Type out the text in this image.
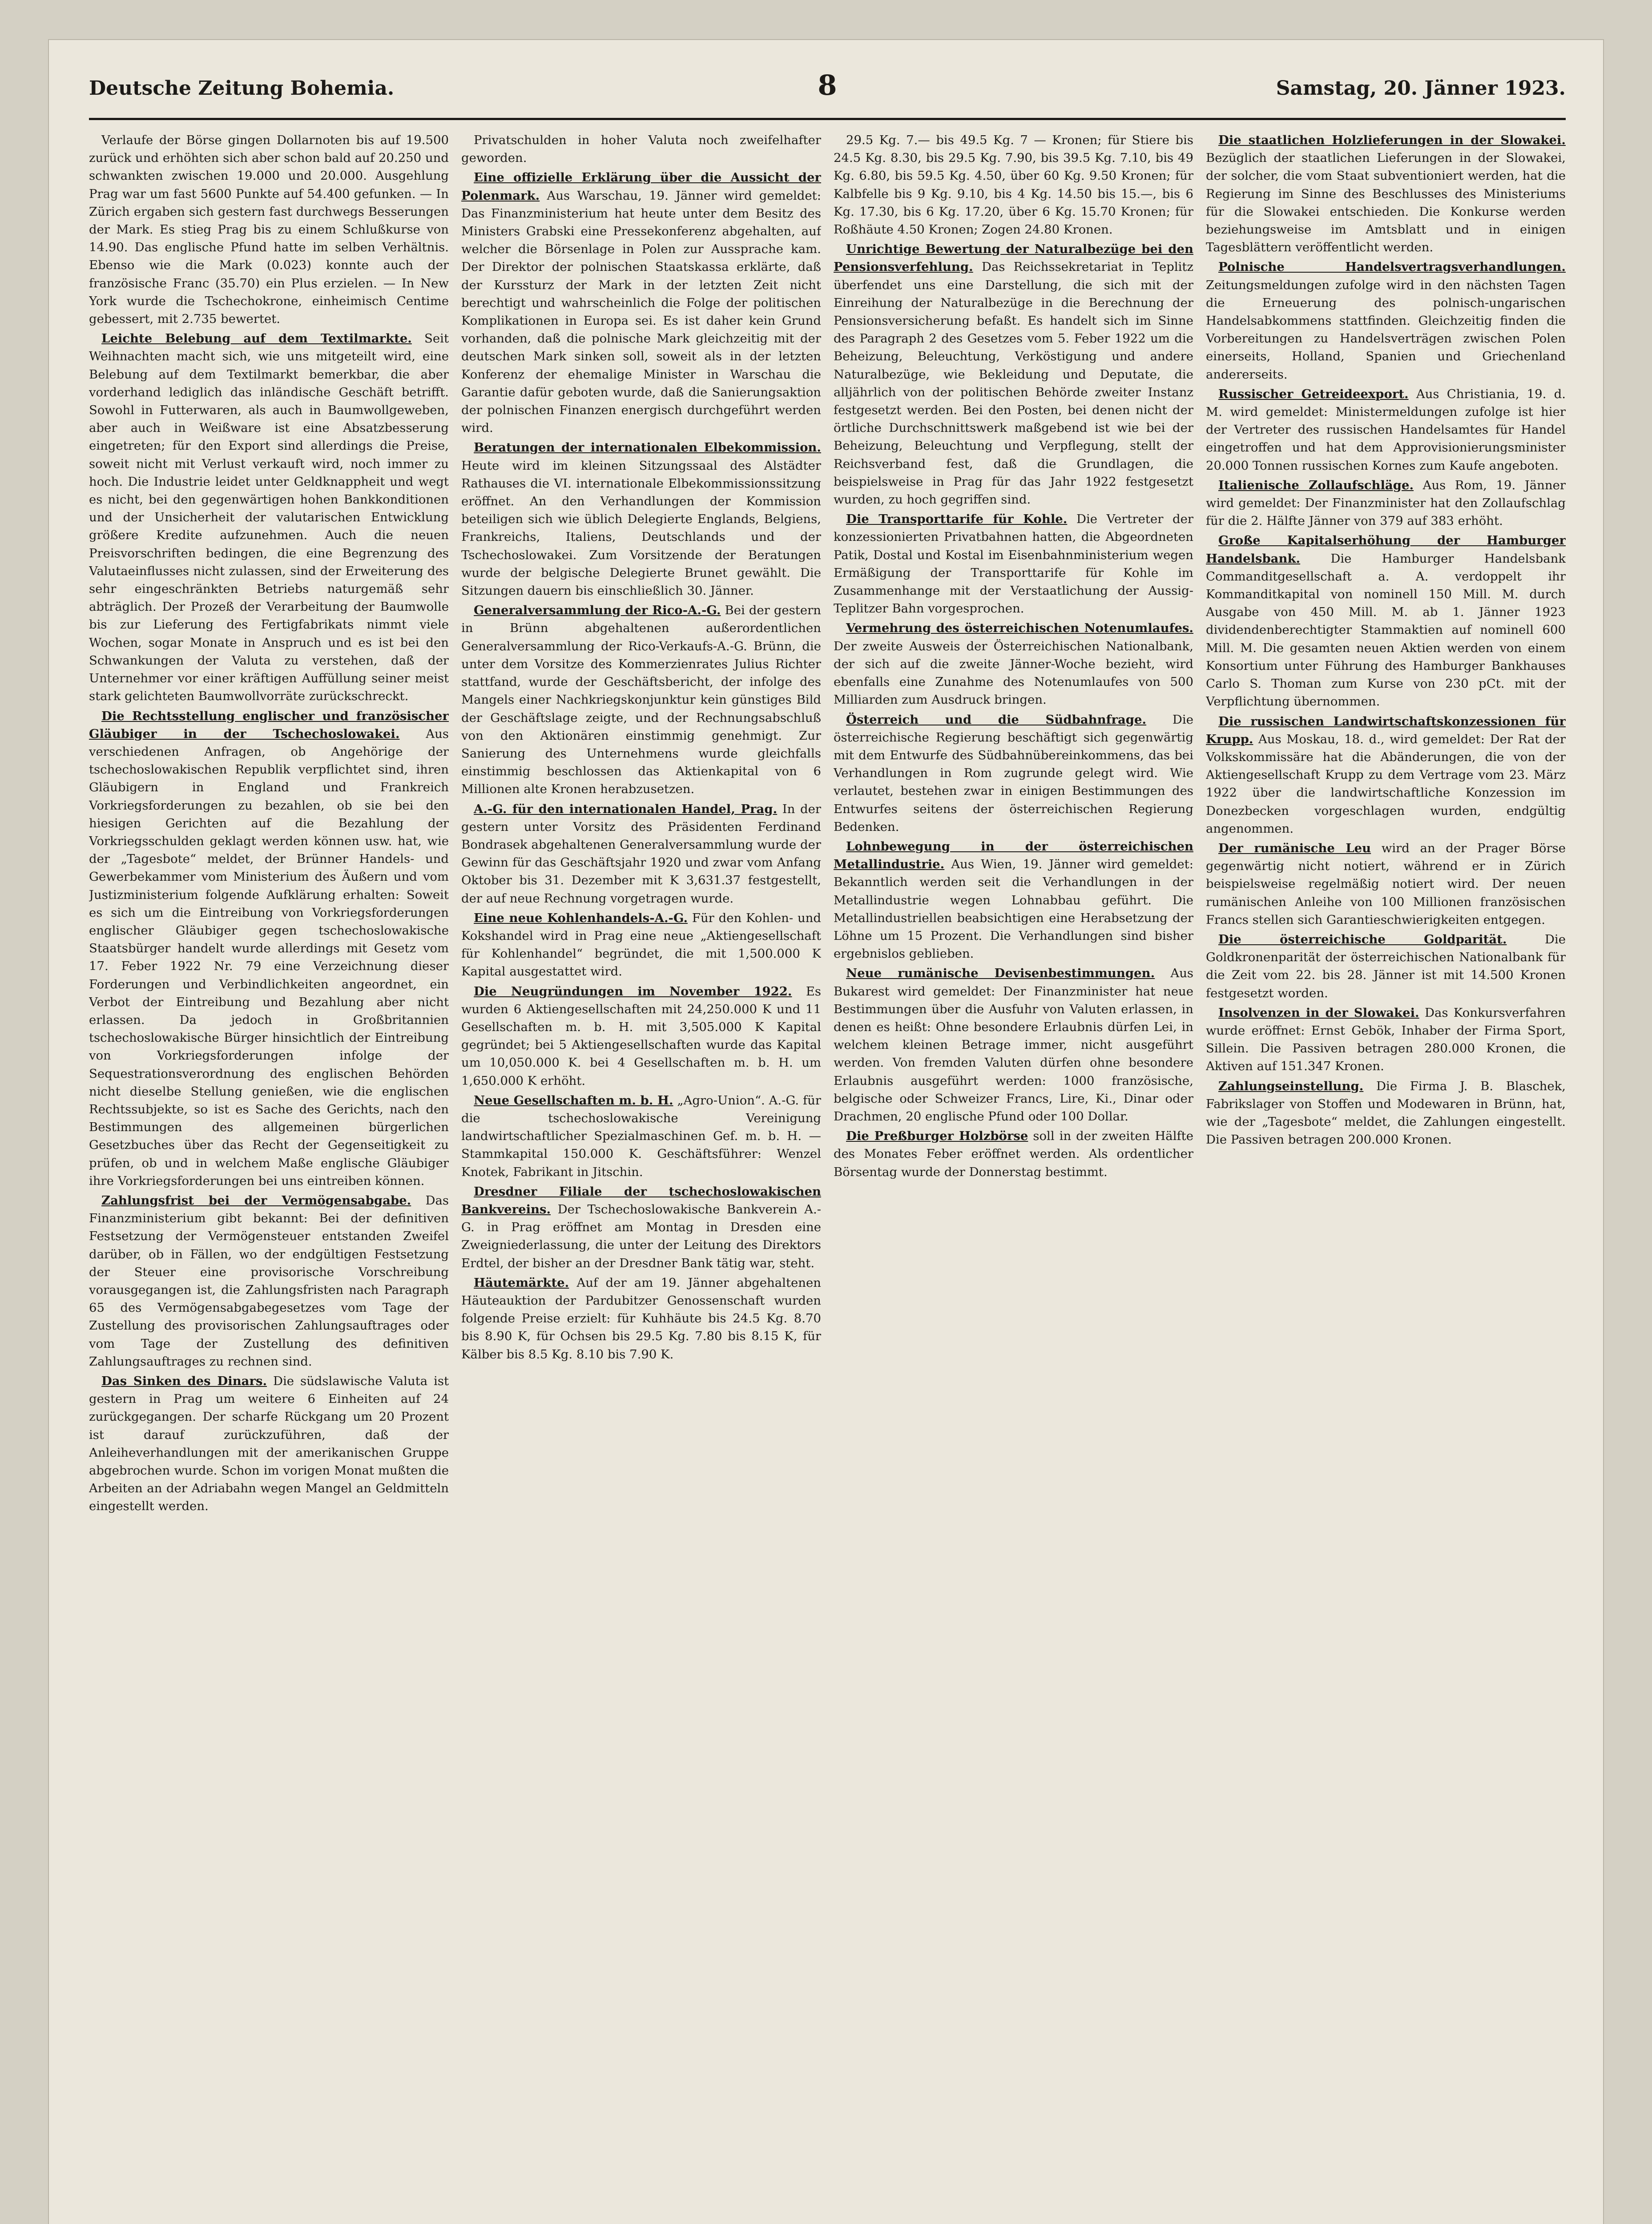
Deutsche Zeitung Bohemia.	8	Samstag, 20. Jänner 1923.

Verlaufe der Börse gingen Dollarnoten bis auf 19.500 zurück und erhöhten sich aber schon bald auf 20.250 und schwankten zwischen 19.000 und 20.000. Ausgehlung Prag war um fast 5600 Punkte auf 54.400 gefunken. — In Zürich ergaben sich gestern fast durchwegs Besserungen der Mark. Es stieg Prag bis zu einem Schlußkurse von 14.90. Das englische Pfund hatte im selben Verhältnis. Ebenso wie die Mark (0.023) konnte auch der französische Franc (35.70) ein Plus erzielen. — In New York wurde die Tschechokrone, einheimisch Centime gebessert, mit 2.735 bewertet.

Leichte Belebung auf dem Textilmarkte. Seit Weihnachten macht sich, wie uns mitgeteilt wird, eine Belebung auf dem Textilmarkt bemerkbar, die aber vorderhand lediglich das inländische Geschäft betrifft. Sowohl in Futterwaren, als auch in Baumwollgeweben, aber auch in Weißware ist eine Absatzbesserung eingetreten; für den Export sind allerdings die Preise, soweit nicht mit Verlust verkauft wird, noch immer zu hoch. Die Industrie leidet unter Geldknappheit und wegt es nicht, bei den gegenwärtigen hohen Bankkonditionen und der Unsicherheit der valutarischen Entwicklung größere Kredite aufzunehmen. Auch die neuen Preisvorschriften bedingen, die eine Begrenzung des Valutaeinflusses nicht zulassen, sind der Erweiterung des sehr eingeschränkten Betriebs naturgemäß sehr abträglich. Der Prozeß der Verarbeitung der Baumwolle bis zur Lieferung des Fertigfabrikats nimmt viele Wochen, sogar Monate in Anspruch und es ist bei den Schwankungen der Valuta zu verstehen, daß der Unternehmer vor einer kräftigen Auffüllung seiner meist stark gelichteten Baumwollvorräte zurückschreckt.

Die Rechtsstellung englischer und französischer Gläubiger in der Tschechoslowakei. Aus verschiedenen Anfragen, ob Angehörige der tschechoslowakischen Republik verpflichtet sind, ihren Gläubigern in England und Frankreich Vorkriegsforderungen zu bezahlen, ob sie bei den hiesigen Gerichten auf die Bezahlung der Vorkriegsschulden geklagt werden können usw. hat, wie der „Tagesbote“ meldet, der Brünner Handels- und Gewerbekammer vom Ministerium des Äußern und vom Justizministerium folgende Aufklärung erhalten: Soweit es sich um die Eintreibung von Vorkriegsforderungen englischer Gläubiger gegen tschechoslowakische Staatsbürger handelt wurde allerdings mit Gesetz vom 17. Feber 1922 Nr. 79 eine Verzeichnung dieser Forderungen und Verbindlichkeiten angeordnet, ein Verbot der Eintreibung und Bezahlung aber nicht erlassen. Da jedoch in Großbritannien tschechoslowakische Bürger hinsichtlich der Eintreibung von Vorkriegsforderungen infolge der Sequestrationsverordnung des englischen Behörden nicht dieselbe Stellung genießen, wie die englischen Rechtssubjekte, so ist es Sache des Gerichts, nach den Bestimmungen des allgemeinen bürgerlichen Gesetzbuches über das Recht der Gegenseitigkeit zu prüfen, ob und in welchem Maße englische Gläubiger ihre Vorkriegsforderungen bei uns eintreiben können.

Zahlungsfrist bei der Vermögensabgabe. Das Finanzministerium gibt bekannt: Bei der definitiven Festsetzung der Vermögensteuer entstanden Zweifel darüber, ob in Fällen, wo der endgültigen Festsetzung der Steuer eine provisorische Vorschreibung vorausgegangen ist, die Zahlungsfristen nach Paragraph 65 des Vermögensabgabegesetzes vom Tage der Zustellung des provisorischen Zahlungsauftrages oder vom Tage der Zustellung des definitiven Zahlungsauftrages zu rechnen sind.

Das Sinken des Dinars. Die südslawische Valuta ist gestern in Prag um weitere 6 Einheiten auf 24 zurückgegangen. Der scharfe Rückgang um 20 Prozent ist darauf zurückzuführen, daß der Anleiheverhandlungen mit der amerikanischen Gruppe abgebrochen wurde. Schon im vorigen Monat mußten die Arbeiten an der Adriabahn wegen Mangel an Geldmitteln eingestellt werden.

Privatschulden in hoher Valuta noch zweifelhafter geworden.

Eine offizielle Erklärung über die Aussicht der Polenmark. Aus Warschau, 19. Jänner wird gemeldet: Das Finanzministerium hat heute unter dem Besitz des Ministers Grabski eine Pressekonferenz abgehalten, auf welcher die Börsenlage in Polen zur Aussprache kam. Der Direktor der polnischen Staatskassa erklärte, daß der Kurssturz der Mark in der letzten Zeit nicht berechtigt und wahrscheinlich die Folge der politischen Komplikationen in Europa sei. Es ist daher kein Grund vorhanden, daß die polnische Mark gleichzeitig mit der deutschen Mark sinken soll, soweit als in der letzten Konferenz der ehemalige Minister in Warschau die Garantie dafür geboten wurde, daß die Sanierungsaktion der polnischen Finanzen energisch durchgeführt werden wird.

Beratungen der internationalen Elbekommission. Heute wird im kleinen Sitzungssaal des Alstädter Rathauses die VI. internationale Elbekommissionssitzung eröffnet. An den Verhandlungen der Kommission beteiligen sich wie üblich Delegierte Englands, Belgiens, Frankreichs, Italiens, Deutschlands und der Tschechoslowakei. Zum Vorsitzende der Beratungen wurde der belgische Delegierte Brunet gewählt. Die Sitzungen dauern bis einschließlich 30. Jänner.

Generalversammlung der Rico-A.-G. Bei der gestern in Brünn abgehaltenen außerordentlichen Generalversammlung der Rico-Verkaufs-A.-G. Brünn, die unter dem Vorsitze des Kommerzienrates Julius Richter stattfand, wurde der Geschäftsbericht, der infolge des Mangels einer Nachkriegskonjunktur kein günstiges Bild der Geschäftslage zeigte, und der Rechnungsabschluß von den Aktionären einstimmig genehmigt. Zur Sanierung des Unternehmens wurde gleichfalls einstimmig beschlossen das Aktienkapital von 6 Millionen alte Kronen herabzusetzen.

A.-G. für den internationalen Handel, Prag. In der gestern unter Vorsitz des Präsidenten Ferdinand Bondrasek abgehaltenen Generalversammlung wurde der Gewinn für das Geschäftsjahr 1920 und zwar vom Anfang Oktober bis 31. Dezember mit K 3,631.37 festgestellt, der auf neue Rechnung vorgetragen wurde.

Eine neue Kohlenhandels-A.-G. Für den Kohlen- und Kokshandel wird in Prag eine neue „Aktiengesellschaft für Kohlenhandel“ begründet, die mit 1,500.000 K Kapital ausgestattet wird.

Die Neugründungen im November 1922. Es wurden 6 Aktiengesellschaften mit 24,250.000 K und 11 Gesellschaften m. b. H. mit 3,505.000 K Kapital gegründet; bei 5 Aktiengesellschaften wurde das Kapital um 10,050.000 K. bei 4 Gesellschaften m. b. H. um 1,650.000 K erhöht.

Neue Gesellschaften m. b. H. „Agro-Union“. A.-G. für die tschechoslowakische Vereinigung landwirtschaftlicher Spezialmaschinen Gef. m. b. H. — Stammkapital 150.000 K. Geschäftsführer: Wenzel Knotek, Fabrikant in Jitschin.

Dresdner Filiale der tschechoslowakischen Bankvereins. Der Tschechoslowakische Bankverein A.-G. in Prag eröffnet am Montag in Dresden eine Zweigniederlassung, die unter der Leitung des Direktors Erdtel, der bisher an der Dresdner Bank tätig war, steht.

Häutemärkte. Auf der am 19. Jänner abgehaltenen Häuteauktion der Pardubitzer Genossenschaft wurden folgende Preise erzielt: für Kuhhäute bis 24.5 Kg. 8.70 bis 8.90 K, für Ochsen bis 29.5 Kg. 7.80 bis 8.15 K, für Kälber bis 8.5 Kg. 8.10 bis 7.90 K.

29.5 Kg. 7.— bis 49.5 Kg. 7 — Kronen; für Stiere bis 24.5 Kg. 8.30, bis 29.5 Kg. 7.90, bis 39.5 Kg. 7.10, bis 49 Kg. 6.80, bis 59.5 Kg. 4.50, über 60 Kg. 9.50 Kronen; für Kalbfelle bis 9 Kg. 9.10, bis 4 Kg. 14.50 bis 15.—, bis 6 Kg. 17.30, bis 6 Kg. 17.20, über 6 Kg. 15.70 Kronen; für Roßhäute 4.50 Kronen; Zogen 24.80 Kronen.

Unrichtige Bewertung der Naturalbezüge bei den Pensionsverfehlung. Das Reichssekretariat in Teplitz überfendet uns eine Darstellung, die sich mit der Einreihung der Naturalbezüge in die Berechnung der Pensionsversicherung befaßt. Es handelt sich im Sinne des Paragraph 2 des Gesetzes vom 5. Feber 1922 um die Beheizung, Beleuchtung, Verköstigung und andere Naturalbezüge, wie Bekleidung und Deputate, die alljährlich von der politischen Behörde zweiter Instanz festgesetzt werden. Bei den Posten, bei denen nicht der örtliche Durchschnittswerk maßgebend ist wie bei der Beheizung, Beleuchtung und Verpflegung, stellt der Reichsverband fest, daß die Grundlagen, die beispielsweise in Prag für das Jahr 1922 festgesetzt wurden, zu hoch gegriffen sind.

Die Transporttarife für Kohle. Die Vertreter der konzessionierten Privatbahnen hatten, die Abgeordneten Patik, Dostal und Kostal im Eisenbahnministerium wegen Ermäßigung der Transporttarife für Kohle im Zusammenhange mit der Verstaatlichung der Aussig-Teplitzer Bahn vorgesprochen.

Vermehrung des österreichischen Notenumlaufes. Der zweite Ausweis der Österreichischen Nationalbank, der sich auf die zweite Jänner-Woche bezieht, wird ebenfalls eine Zunahme des Notenumlaufes von 500 Milliarden zum Ausdruck bringen.

Österreich und die Südbahnfrage. Die österreichische Regierung beschäftigt sich gegenwärtig mit dem Entwurfe des Südbahnübereinkommens, das bei Verhandlungen in Rom zugrunde gelegt wird. Wie verlautet, bestehen zwar in einigen Bestimmungen des Entwurfes seitens der österreichischen Regierung Bedenken.

Lohnbewegung in der österreichischen Metallindustrie. Aus Wien, 19. Jänner wird gemeldet: Bekanntlich werden seit die Verhandlungen in der Metallindustrie wegen Lohnabbau geführt. Die Metallindustriellen beabsichtigen eine Herabsetzung der Löhne um 15 Prozent. Die Verhandlungen sind bisher ergebnislos geblieben.

Neue rumänische Devisenbestimmungen. Aus Bukarest wird gemeldet: Der Finanzminister hat neue Bestimmungen über die Ausfuhr von Valuten erlassen, in denen es heißt: Ohne besondere Erlaubnis dürfen Lei, in welchem kleinen Betrage immer, nicht ausgeführt werden. Von fremden Valuten dürfen ohne besondere Erlaubnis ausgeführt werden: 1000 französische, belgische oder Schweizer Francs, Lire, Ki., Dinar oder Drachmen, 20 englische Pfund oder 100 Dollar.

Die Preßburger Holzbörse soll in der zweiten Hälfte des Monates Feber eröffnet werden. Als ordentlicher Börsentag wurde der Donnerstag bestimmt.

Die staatlichen Holzlieferungen in der Slowakei. Bezüglich der staatlichen Lieferungen in der Slowakei, der solcher, die vom Staat subventioniert werden, hat die Regierung im Sinne des Beschlusses des Ministeriums für die Slowakei entschieden. Die Konkurse werden beziehungsweise im Amtsblatt und in einigen Tagesblättern veröffentlicht werden.

Polnische Handelsvertragsverhandlungen. Zeitungsmeldungen zufolge wird in den nächsten Tagen die Erneuerung des polnisch-ungarischen Handelsabkommens stattfinden. Gleichzeitig finden die Vorbereitungen zu Handelsverträgen zwischen Polen einerseits, Holland, Spanien und Griechenland andererseits.

Russischer Getreideexport. Aus Christiania, 19. d. M. wird gemeldet: Ministermeldungen zufolge ist hier der Vertreter des russischen Handelsamtes für Handel eingetroffen und hat dem Approvisionierungsminister 20.000 Tonnen russischen Kornes zum Kaufe angeboten.

Italienische Zollaufschläge. Aus Rom, 19. Jänner wird gemeldet: Der Finanzminister hat den Zollaufschlag für die 2. Hälfte Jänner von 379 auf 383 erhöht.

Große Kapitalserhöhung der Hamburger Handelsbank. Die Hamburger Handelsbank Commanditgesellschaft a. A. verdoppelt ihr Kommanditkapital von nominell 150 Mill. M. durch Ausgabe von 450 Mill. M. ab 1. Jänner 1923 dividendenberechtigter Stammaktien auf nominell 600 Mill. M. Die gesamten neuen Aktien werden von einem Konsortium unter Führung des Hamburger Bankhauses Carlo S. Thoman zum Kurse von 230 pCt. mit der Verpflichtung übernommen.

Die russischen Landwirtschaftskonzessionen für Krupp. Aus Moskau, 18. d., wird gemeldet: Der Rat der Volkskommissäre hat die Abänderungen, die von der Aktiengesellschaft Krupp zu dem Vertrage vom 23. März 1922 über die landwirtschaftliche Konzession im Donezbecken vorgeschlagen wurden, endgültig angenommen.

Der rumänische Leu wird an der Prager Börse gegenwärtig nicht notiert, während er in Zürich beispielsweise regelmäßig notiert wird. Der neuen rumänischen Anleihe von 100 Millionen französischen Francs stellen sich Garantieschwierigkeiten entgegen.

Die österreichische Goldparität.	Die Goldkronenparität der österreichischen Nationalbank für die Zeit vom 22. bis 28. Jänner ist mit 14.500 Kronen festgesetzt worden.

Insolvenzen in der Slowakei. Das Konkursverfahren wurde eröffnet: Ernst Gebök, Inhaber der Firma Sport, Sillein. Die Passiven betragen 280.000 Kronen, die Aktiven auf 151.347 Kronen.

Zahlungseinstellung. Die Firma J. B. Blaschek, Fabrikslager von Stoffen und Modewaren in Brünn, hat, wie der „Tagesbote“ meldet, die Zahlungen eingestellt. Die Passiven betragen 200.000 Kronen.
